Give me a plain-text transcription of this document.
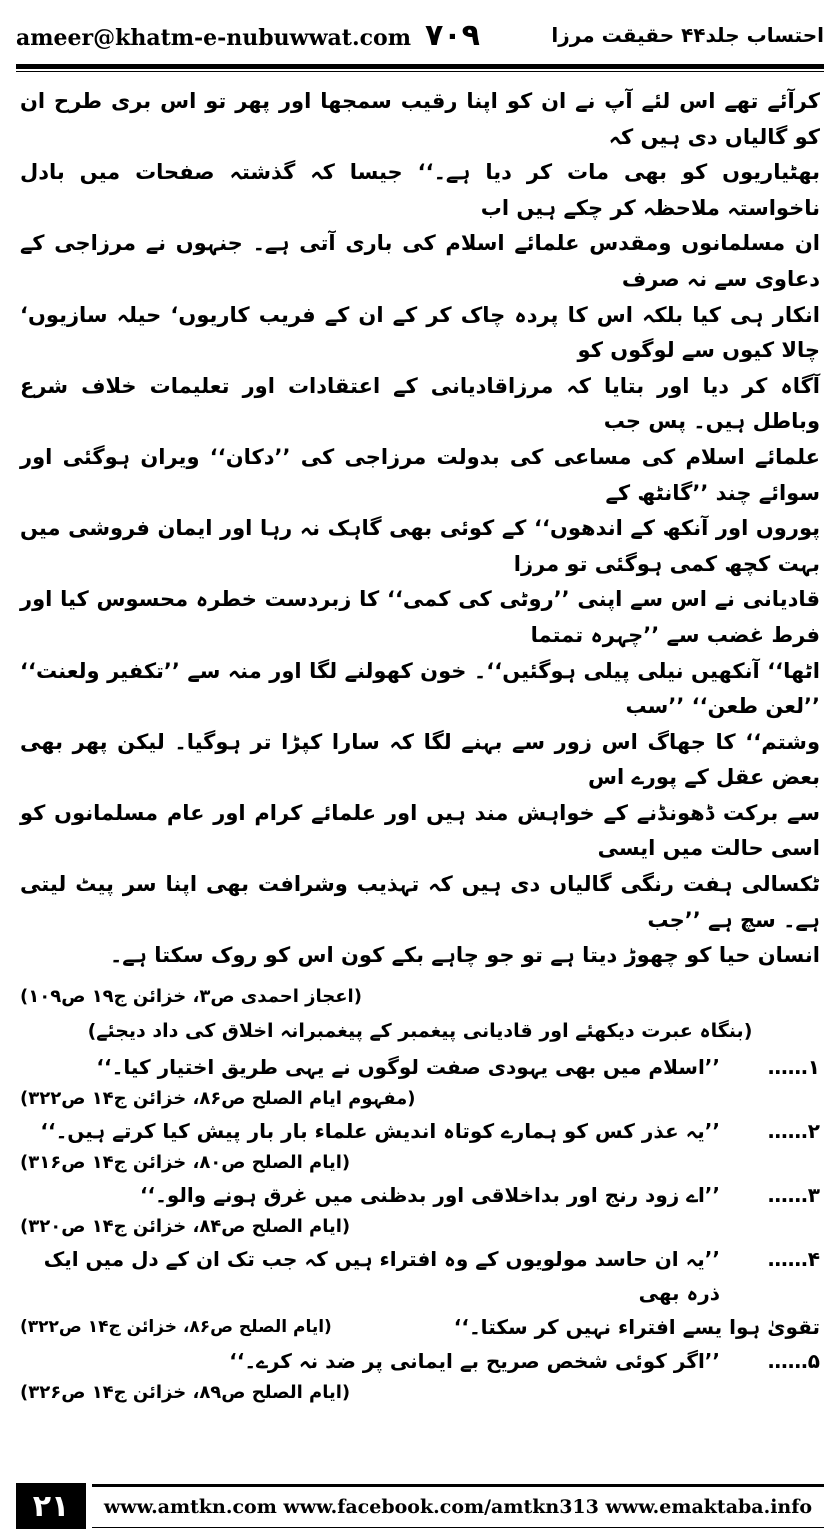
ameer@khatm-e-nubuwwat.com ۷۰۹	احتساب جلد۴۴ حقیقت مرزا

کرآئے تھے اس لئے آپ نے ان کو اپنا رقیب سمجھا اور پھر تو اس بری طرح ان کو گالیاں دی ہیں کہ

بھٹیاریوں کو بھی مات کر دیا ہے۔‘‘ جیسا کہ گذشتہ صفحات میں بادل ناخواستہ ملاحظہ کر چکے ہیں اب

ان مسلمانوں ومقدس علمائے اسلام کی باری آتی ہے۔ جنہوں نے مرزاجی کے دعاوی سے نہ صرف

انکار ہی کیا بلکہ اس کا پردہ چاک کر کے ان کے فریب کاریوں‘ حیلہ سازیوں‘ چالا کیوں سے لوگوں کو

آگاہ کر دیا اور بتایا کہ مرزاقادیانی کے اعتقادات اور تعلیمات خلاف شرع وباطل ہیں۔ پس جب

علمائے اسلام کی مساعی کی بدولت مرزاجی کی ’’دکان‘‘ ویران ہوگئی اور سوائے چند ’’گانٹھ کے

پوروں اور آنکھ کے اندھوں‘‘ کے کوئی بھی گاہک نہ رہا اور ایمان فروشی میں بہت کچھ کمی ہوگئی تو مرزا

قادیانی نے اس سے اپنی ’’روٹی کی کمی‘‘ کا زبردست خطرہ محسوس کیا اور فرط غضب سے ’’چہرہ تمتما

اٹھا‘‘ آنکھیں نیلی پیلی ہوگئیں‘‘۔ خون کھولنے لگا اور منہ سے ’’تکفیر ولعنت‘‘ ’’لعن طعن‘‘ ’’سب

وشتم‘‘ کا جھاگ اس زور سے بہنے لگا کہ سارا کپڑا تر ہوگیا۔ لیکن پھر بھی بعض عقل کے پورے اس

سے برکت ڈھونڈنے کے خواہش مند ہیں اور علمائے کرام اور عام مسلمانوں کو اسی حالت میں ایسی

ٹکسالی ہفت رنگی گالیاں دی ہیں کہ تہذیب وشرافت بھی اپنا سر پیٹ لیتی ہے۔ سچ ہے ’’جب

انسان حیا کو چھوڑ دیتا ہے تو جو چاہے بکے کون اس کو روک سکتا ہے۔

(اعجاز احمدی ص۳، خزائن ج۱۹ ص۱۰۹)

(بنگاہ عبرت دیکھئے اور قادیانی پیغمبر کے پیغمبرانہ اخلاق کی داد دیجئے)

۱……
’’اسلام میں بھی یہودی صفت لوگوں نے یہی طریق اختیار کیا۔‘‘

(مفہوم ایام الصلح ص۸۶، خزائن ج۱۴ ص۳۲۲)

۲……
’’یہ عذر کس کو ہمارے کوتاہ اندیش علماء بار بار پیش کیا کرتے ہیں۔‘‘

(ایام الصلح ص۸۰، خزائن ج۱۴ ص۳۱۶)

۳……
’’اے زود رنج اور بداخلاقی اور بدظنی میں غرق ہونے والو۔‘‘

(ایام الصلح ص۸۴، خزائن ج۱۴ ص۳۲۰)

۴……

’’یہ ان حاسد مولویوں کے وہ افتراء ہیں کہ جب تک ان کے دل میں ایک ذرہ بھی

تقویٰ ہوا یسے افتراء نہیں کر سکتا۔‘‘
(ایام الصلح ص۸۶، خزائن ج۱۴ ص۳۲۲)
۵……
’’اگر کوئی شخص صریح بے ایمانی پر ضد نہ کرے۔‘‘

(ایام الصلح ص۸۹، خزائن ج۱۴ ص۳۲۶)

۲۱	www.amtkn.com www.facebook.com/amtkn313 www.emaktaba.info
